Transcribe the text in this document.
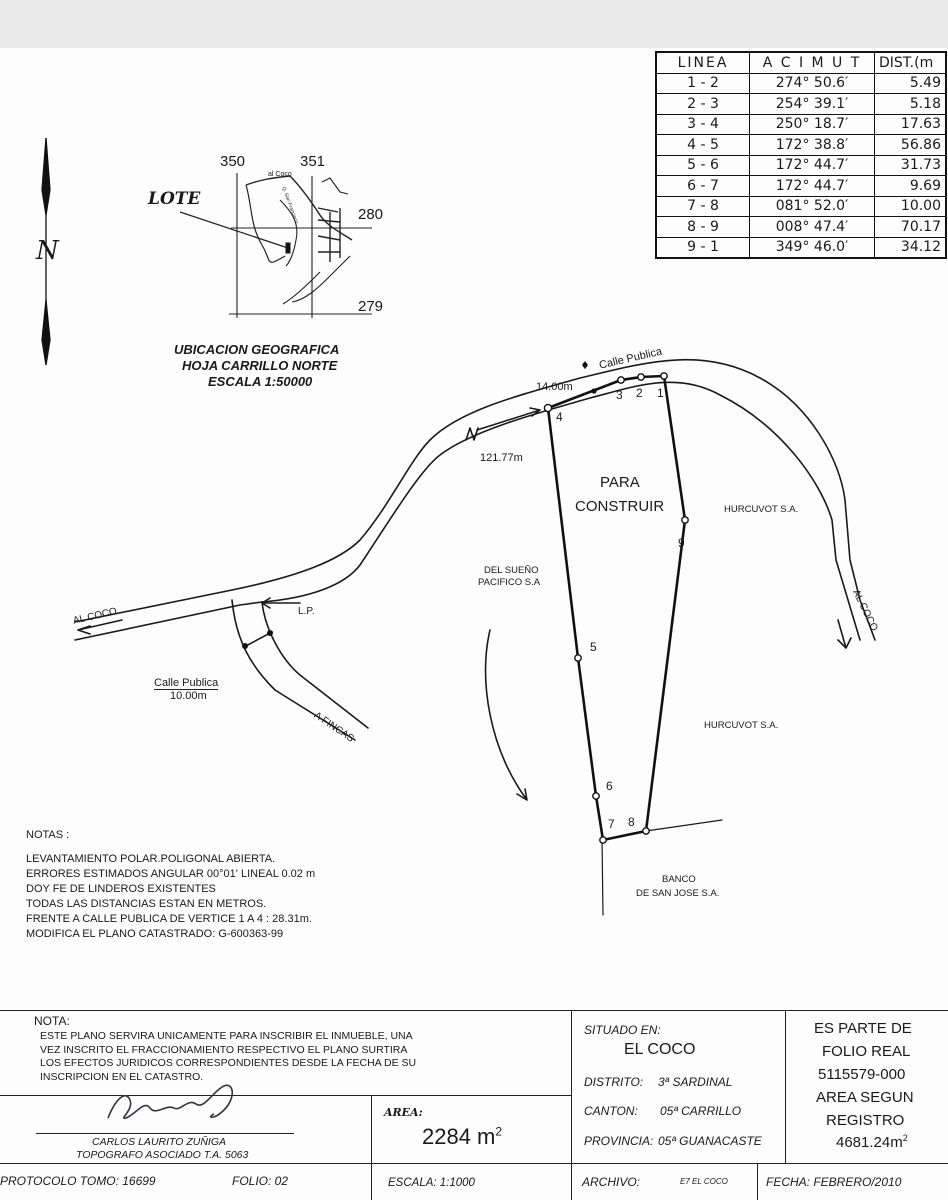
LINEA	A C I M U T	DIST.(m
1 - 2	274° 50.6′	5.49
2 - 3	254° 39.1′	5.18
3 - 4	250° 18.7′	17.63
4 - 5	172° 38.8′	56.86
5 - 6	172° 44.7′	31.73
6 - 7	172° 44.7′	9.69
7 - 8	081° 52.0′	10.00
8 - 9	008° 47.4′	70.17
9 - 1	349° 46.0′	34.12
N
LOTE
350	351
280
279
al Coco
Q. San Francisco
UBICACION GEOGRAFICA
HOJA CARRILLO NORTE
ESCALA 1:50000
Calle Publica
14.00m
121.77m
1
2
3
4
5
6
7 8
9
PARA
CONSTRUIR	HURCUVOT S.A.
HURCUVOT S.A.
AL COCO
AL COCO
DEL SUEÑO
PACIFICO S.A
L.P.
Calle Publica
10.00m
A FINCAS
BANCO
DE SAN JOSE S.A.
NOTAS :
LEVANTAMIENTO POLAR.POLIGONAL ABIERTA.
ERRORES ESTIMADOS ANGULAR 00°01' LINEAL 0.02 m
DOY FE DE LINDEROS EXISTENTES
TODAS LAS DISTANCIAS ESTAN EN METROS.
FRENTE A CALLE PUBLICA DE VERTICE 1 A 4 : 28.31m.
MODIFICA EL PLANO CATASTRADO: G-600363-99
NOTA:
ESTE PLANO SERVIRA UNICAMENTE PARA INSCRIBIR EL INMUEBLE, UNA
VEZ INSCRITO EL FRACCIONAMIENTO RESPECTIVO EL PLANO SURTIRA
LOS EFECTOS JURIDICOS CORRESPONDIENTES DESDE LA FECHA DE SU
INSCRIPCION EN EL CATASTRO.
CARLOS LAURITO ZUÑIGA
TOPOGRAFO ASOCIADO T.A. 5063
AREA:
2284 $m^2$
SITUADO EN:
EL COCO
DISTRITO: 3ª SARDINAL
CANTON: 05ª CARRILLO
PROVINCIA: 05ª GUANACASTE
ES PARTE DE
FOLIO REAL
5115579-000
AREA SEGUN
REGISTRO
$4681.24m^2$
PROTOCOLO TOMO: 16699	FOLIO: 02	ESCALA: 1:1000	ARCHIVO:	E7 EL COCO	FECHA: FEBRERO/2010
